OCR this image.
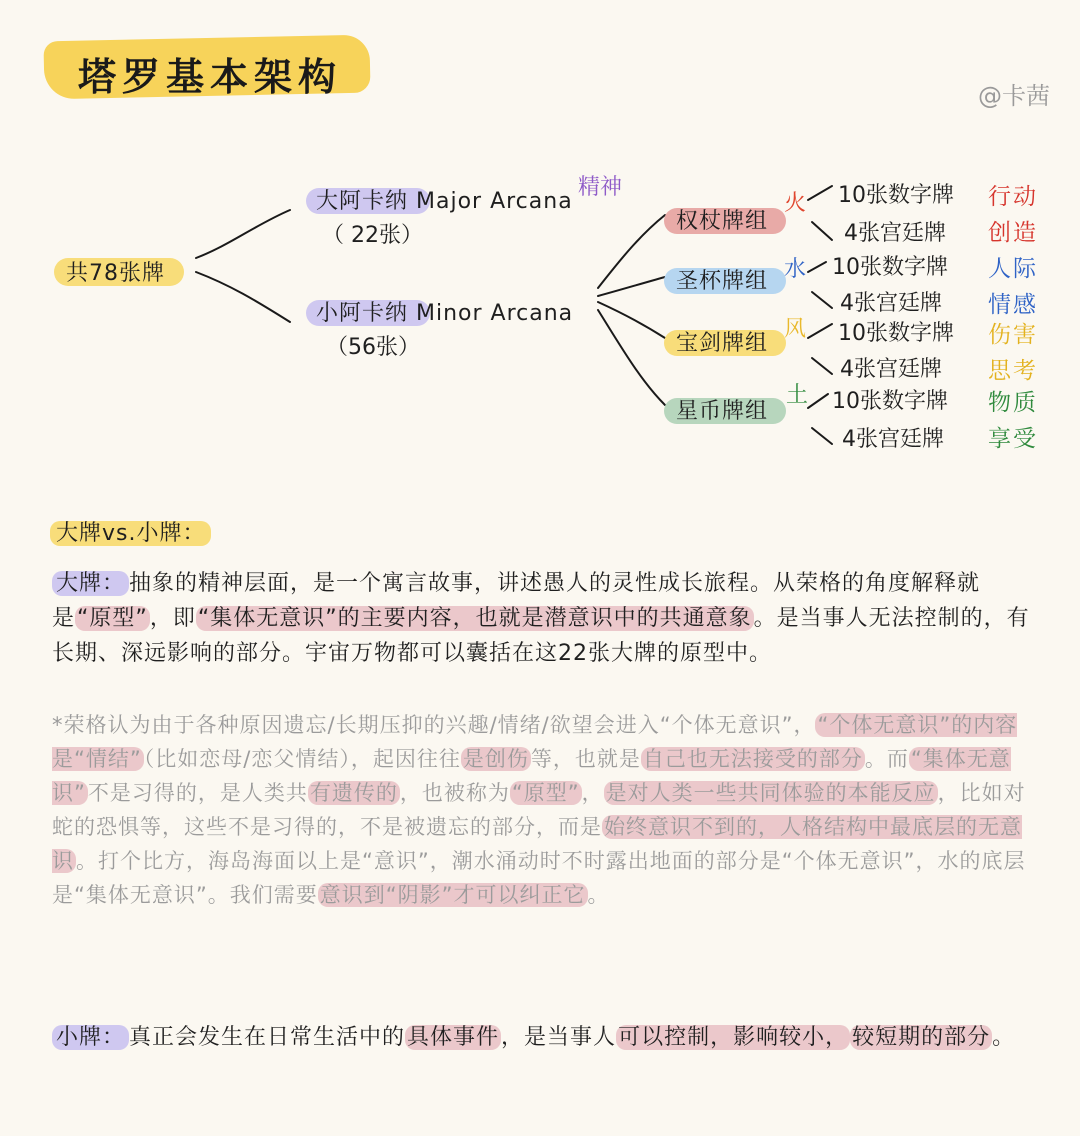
塔罗基本架构	@卡茜
共78张牌
大阿卡纳 Major Arcana
（ 22张）
精神
小阿卡纳 Minor Arcana
（56张）
权杖牌组
火 10张数字牌 行动
4张宫廷牌 创造
圣杯牌组 水 10张数字牌 人际
4张宫廷牌 情感
宝剑牌组
风 10张数字牌 伤害
4张宫廷牌 思考
星币牌组
土 10张数字牌 物质
4张宫廷牌 享受
大牌vs.小牌：
大牌： 抽象的精神层面，是一个寓言故事，讲述愚人的灵性成长旅程。从荣格的角度解释就是“原型”，即“集体无意识”的主要内容，也就是潜意识中的共通意象。是当事人无法控制的，有长期、深远影响的部分。宇宙万物都可以囊括在这22张大牌的原型中。
*荣格认为由于各种原因遗忘/长期压抑的兴趣/情绪/欲望会进入“个体无意识”，“个体无意识”的内容是“情结”（比如恋母/恋父情结），起因往往是创伤等，也就是自己也无法接受的部分。而“集体无意识”不是习得的，是人类共有遗传的，也被称为“原型”，是对人类一些共同体验的本能反应，比如对蛇的恐惧等，这些不是习得的，不是被遗忘的部分，而是始终意识不到的，人格结构中最底层的无意识。打个比方，海岛海面以上是“意识”，潮水涌动时不时露出地面的部分是“个体无意识”，水的底层是“集体无意识”。我们需要意识到“阴影”才可以纠正它。
小牌： 真正会发生在日常生活中的具体事件，是当事人可以控制，影响较小， 较短期的部分。
